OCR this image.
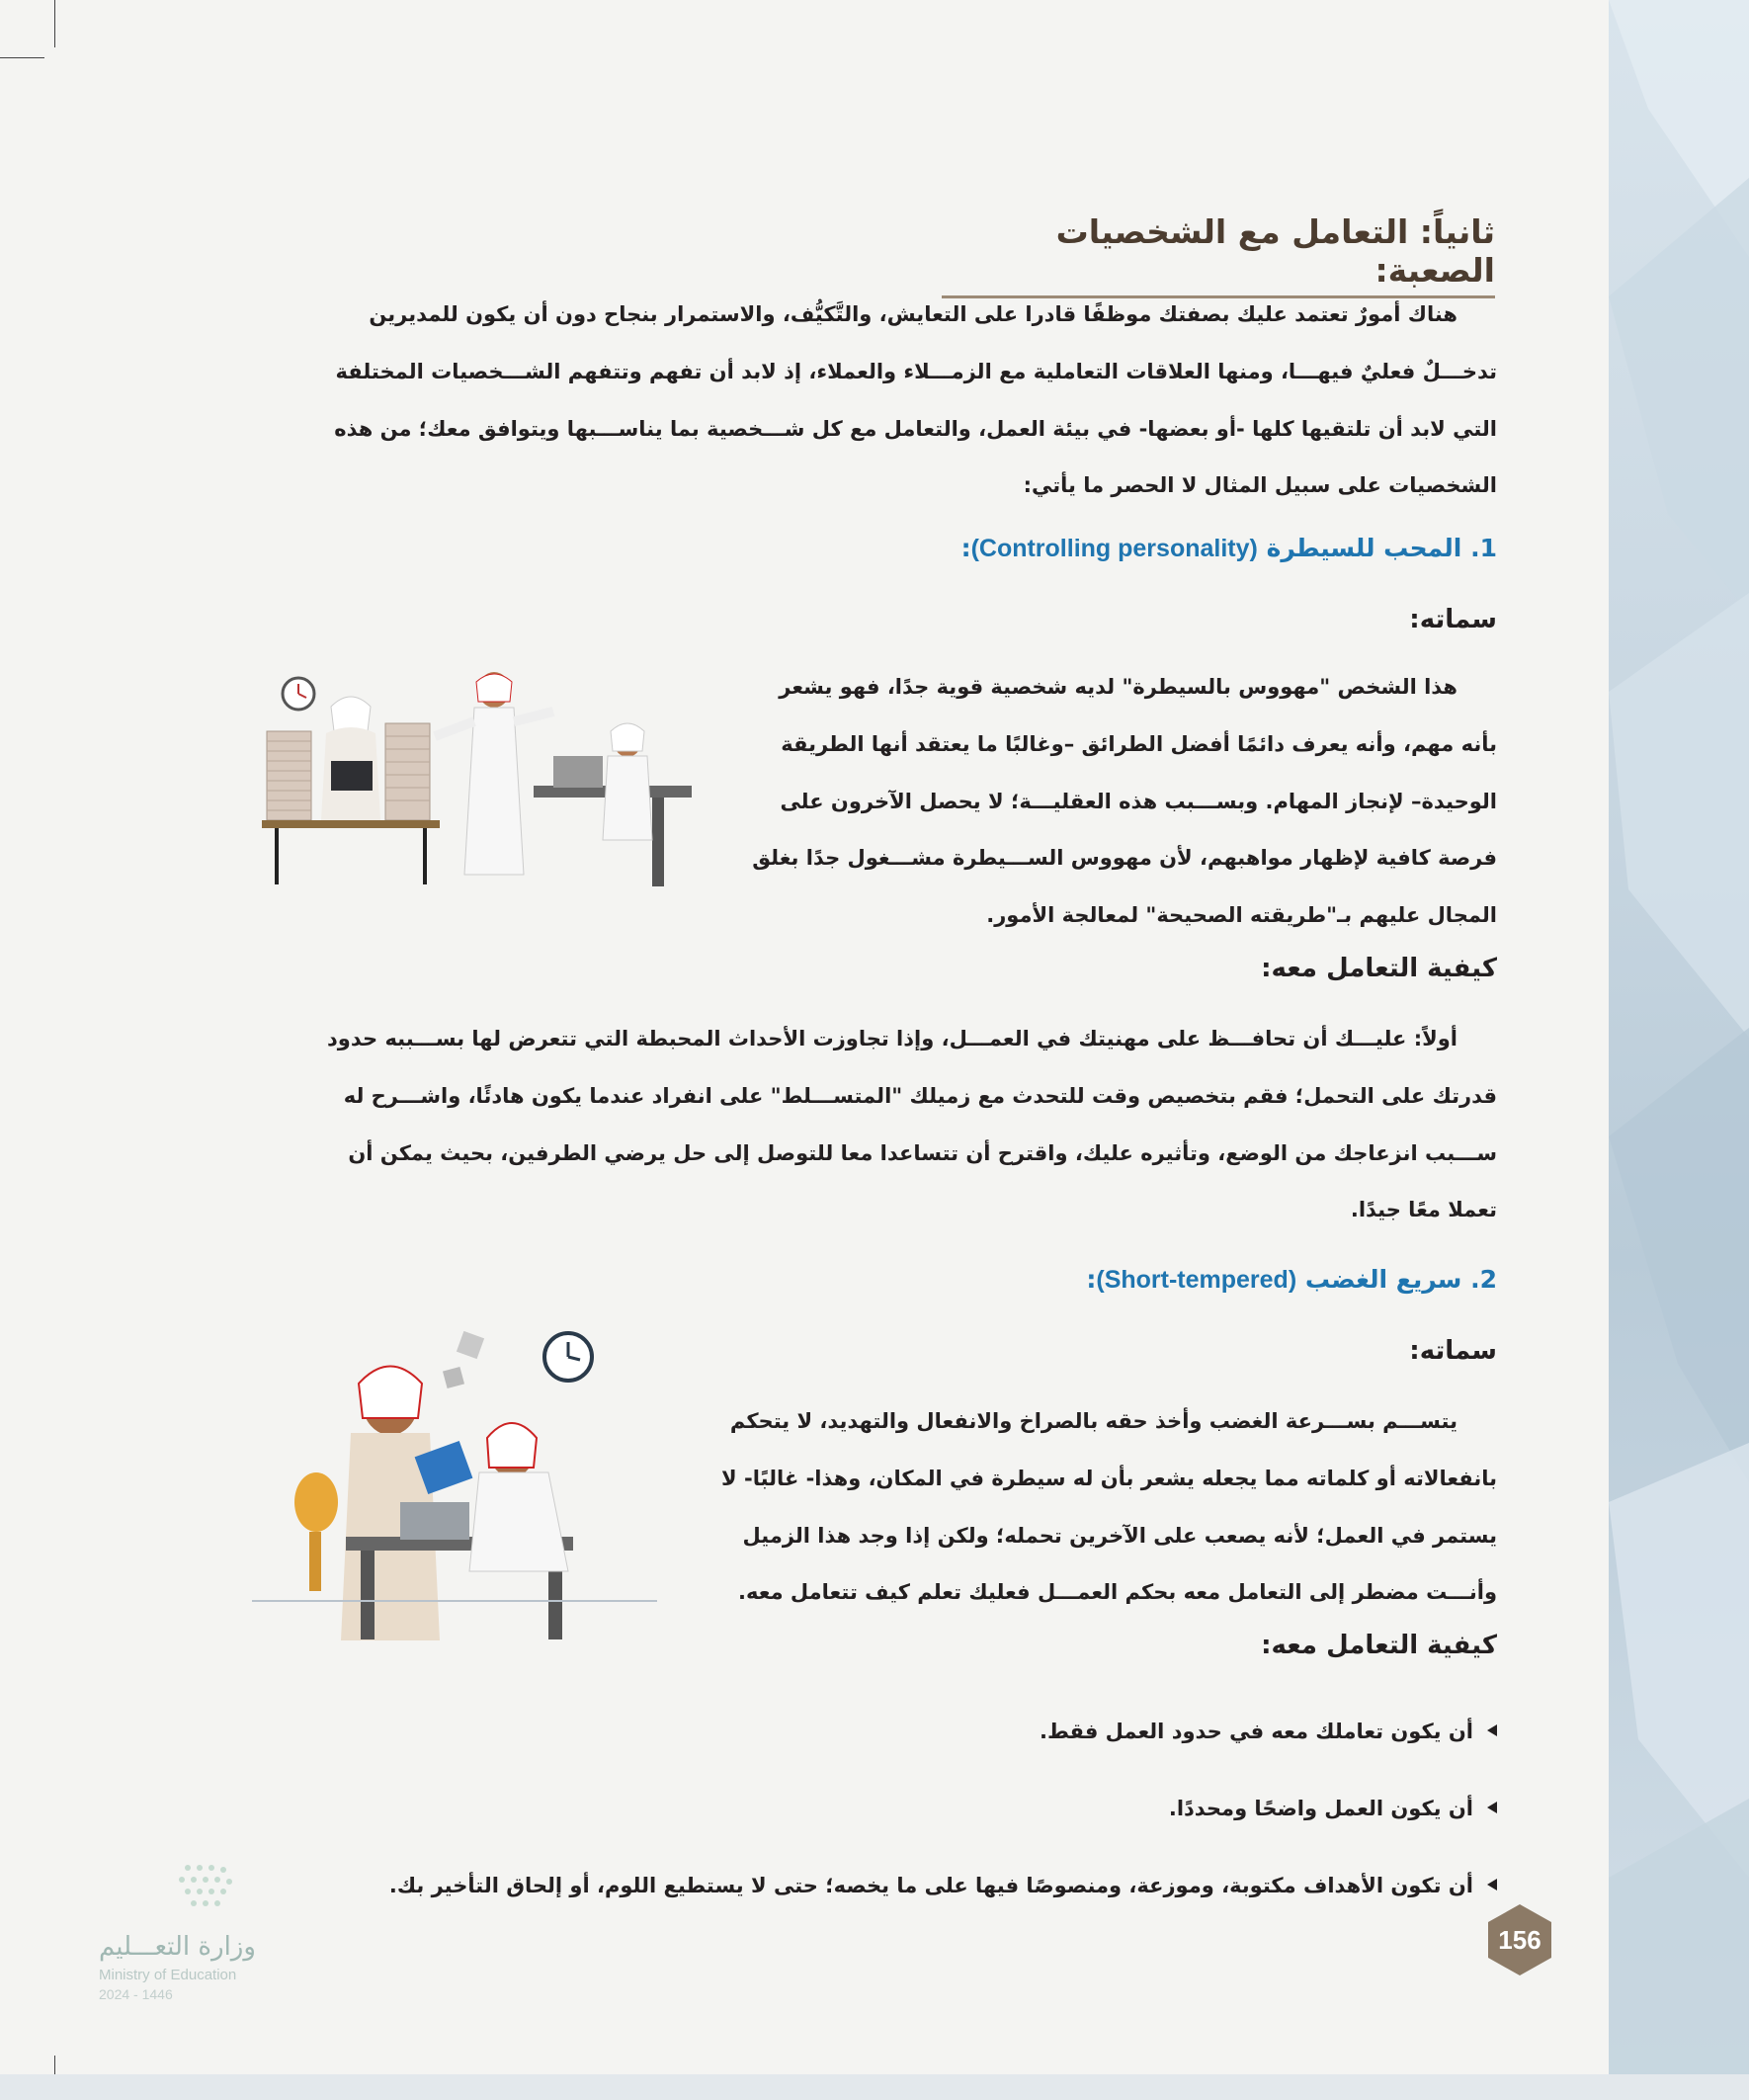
ثانياً: التعامل مع الشخصيات الصعبة:

هناك أمورٌ تعتمد عليك بصفتك موظفًا قادرا على التعايش، والتَّكيُّف، والاستمرار بنجاح دون أن يكون للمديرين

تدخـــلٌ فعليٌ فيهـــا، ومنها العلاقات التعاملية مع الزمـــلاء والعملاء، إذ لابد أن تفهم وتتفهم الشـــخصيات المختلفة

التي لابد أن تلتقيها كلها -أو بعضها- في بيئة العمل، والتعامل مع كل شـــخصية بما يناســـبها ويتوافق معك؛ من هذه

الشخصيات على سبيل المثال لا الحصر ما يأتي:

1. المحب للسيطرة (Controlling personality):
سماته:

هذا الشخص "مهووس بالسيطرة" لديه شخصية قوية جدًا، فهو يشعر

بأنه مهم، وأنه يعرف دائمًا أفضل الطرائق –وغالبًا ما يعتقد أنها الطريقة

الوحيدة– لإنجاز المهام. وبســـبب هذه العقليـــة؛ لا يحصل الآخرون على

فرصة كافية لإظهار مواهبهم، لأن مهووس الســـيطرة مشـــغول جدًا بغلق

المجال عليهم بـ"طريقته الصحيحة" لمعالجة الأمور.

كيفية التعامل معه:

أولاً: عليـــك أن تحافـــظ على مهنيتك في العمـــل، وإذا تجاوزت الأحداث المحبطة التي تتعرض لها بســـببه حدود

قدرتك على التحمل؛ فقم بتخصيص وقت للتحدث مع زميلك "المتســـلط" على انفراد عندما يكون هادئًا، واشـــرح له

ســـبب انزعاجك من الوضع، وتأثيره عليك، واقترح أن تتساعدا معا للتوصل إلى حل يرضي الطرفين، بحيث يمكن أن

تعملا معًا جيدًا.

2. سريع الغضب (Short-tempered):
سماته:

يتســـم بســـرعة الغضب وأخذ حقه بالصراخ والانفعال والتهديد، لا يتحكم

بانفعالاته أو كلماته مما يجعله يشعر بأن له سيطرة في المكان، وهذا- غالبًا- لا

يستمر في العمل؛ لأنه يصعب على الآخرين تحمله؛ ولكن إذا وجد هذا الزميل

وأنـــت مضطر إلى التعامل معه بحكم العمـــل فعليك تعلم كيف تتعامل معه.

كيفية التعامل معه:
أن يكون تعاملك معه في حدود العمل فقط.
أن يكون العمل واضحًا ومحددًا.
أن تكون الأهداف مكتوبة، وموزعة، ومنصوصًا فيها على ما يخصه؛ حتى لا يستطيع اللوم، أو إلحاق التأخير بك.
156
وزارة التعـــليم
Ministry of Education
2024 - 1446
